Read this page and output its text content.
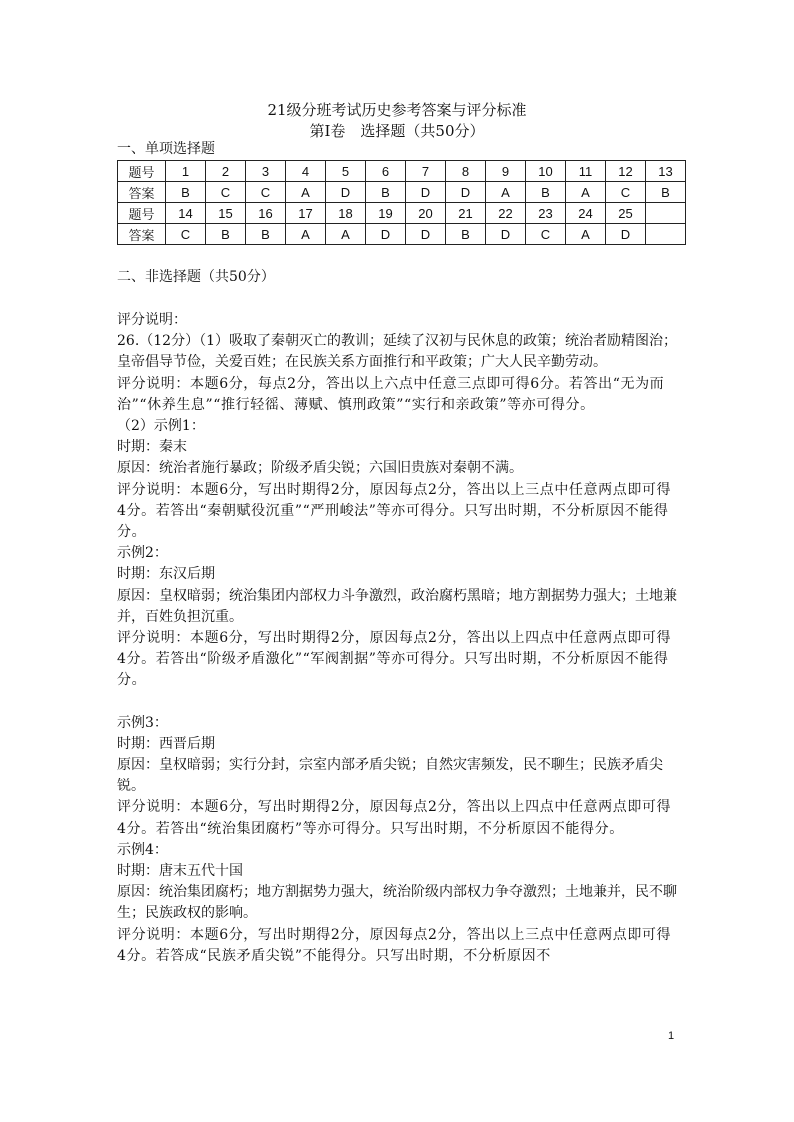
21级分班考试历史参考答案与评分标准
第Ⅰ卷　选择题（共50分）
一、单项选择题
题号	1	2	3	4	5	6	7	8	9	10	11	12	13
答案	B	C	C	A	D	B	D	D	A	B	A	C	B
题号	14	15	16	17	18	19	20	21	22	23	24	25	
答案	C	B	B	A	A	D	D	B	D	C	A	D	
二、非选择题（共50分）

评分说明：

26.（12分）（1）吸取了秦朝灭亡的教训；延续了汉初与民休息的政策；统治者励精图治；皇帝倡导节俭，关爱百姓；在民族关系方面推行和平政策；广大人民辛勤劳动。

评分说明：本题6分，每点2分，答出以上六点中任意三点即可得6分。若答出“无为而治”“休养生息”“推行轻徭、薄赋、慎刑政策”“实行和亲政策”等亦可得分。

（2）示例1：

时期：秦末

原因：统治者施行暴政；阶级矛盾尖锐；六国旧贵族对秦朝不满。

评分说明：本题6分，写出时期得2分，原因每点2分，答出以上三点中任意两点即可得4分。若答出“秦朝赋役沉重”“严刑峻法”等亦可得分。只写出时期，不分析原因不能得分。

示例2：

时期：东汉后期

原因：皇权暗弱；统治集团内部权力斗争激烈，政治腐朽黑暗；地方割据势力强大；土地兼并，百姓负担沉重。

评分说明：本题6分，写出时期得2分，原因每点2分，答出以上四点中任意两点即可得4分。若答出“阶级矛盾激化”“军阀割据”等亦可得分。只写出时期，不分析原因不能得分。

示例3：

时期：西晋后期

原因：皇权暗弱；实行分封，宗室内部矛盾尖锐；自然灾害频发，民不聊生；民族矛盾尖锐。

评分说明：本题6分，写出时期得2分，原因每点2分，答出以上四点中任意两点即可得4分。若答出“统治集团腐朽”等亦可得分。只写出时期，不分析原因不能得分。

示例4：

时期：唐末五代十国

原因：统治集团腐朽；地方割据势力强大，统治阶级内部权力争夺激烈；土地兼并，民不聊生；民族政权的影响。

评分说明：本题6分，写出时期得2分，原因每点2分，答出以上三点中任意两点即可得4分。若答成“民族矛盾尖锐”不能得分。只写出时期，不分析原因不

1
